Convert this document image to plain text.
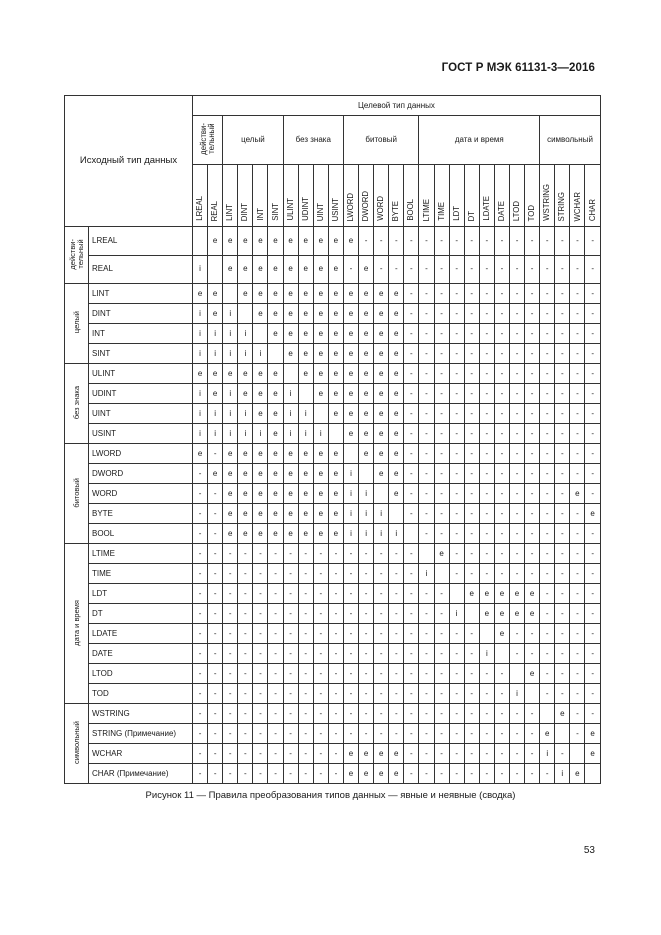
ГОСТ Р МЭК 61131-3—2016
Исходный тип данных		Целевой тип данных																										
		действи-
тельный		целый				без знака				битовый					дата и время								символьный			
		LREAL	REAL	LINT	DINT	INT	SINT	ULINT	UDINT	UINT	USINT	LWORD	DWORD	WORD	BYTE	BOOL	LTIME	TIME	LDT	DT	LDATE	DATE	LTOD	TOD	WSTRING	STRING	WCHAR	CHAR
действи-
тельный	LREAL		e	e	e	e	e	e	e	e	e	e	-	-	-	-	-	-	-	-	-	-	-	-	-	-	-	-
	REAL	i		e	e	e	e	e	e	e	e	-	e	-	-	-	-	-	-	-	-	-	-	-	-	-	-	-
целый	LINT	e	e		e	e	e	e	e	e	e	e	e	e	e	-	-	-	-	-	-	-	-	-	-	-	-	-
	DINT	i	e	i		e	e	e	e	e	e	e	e	e	e	-	-	-	-	-	-	-	-	-	-	-	-	-
	INT	i	i	i	i		e	e	e	e	e	e	e	e	e	-	-	-	-	-	-	-	-	-	-	-	-	-
	SINT	i	i	i	i	i		e	e	e	e	e	e	e	e	-	-	-	-	-	-	-	-	-	-	-	-	-
без знака	ULINT	e	e	e	e	e	e		e	e	e	e	e	e	e	-	-	-	-	-	-	-	-	-	-	-	-	-
	UDINT	i	e	i	e	e	e	i		e	e	e	e	e	e	-	-	-	-	-	-	-	-	-	-	-	-	-
	UINT	i	i	i	i	e	e	i	i		e	e	e	e	e	-	-	-	-	-	-	-	-	-	-	-	-	-
	USINT	i	i	i	i	i	e	i	i	i		e	e	e	e	-	-	-	-	-	-	-	-	-	-	-	-	-
битовый	LWORD	e	-	e	e	e	e	e	e	e	e		e	e	e	-	-	-	-	-	-	-	-	-	-	-	-	-
	DWORD	-	e	e	e	e	e	e	e	e	e	i		e	e	-	-	-	-	-	-	-	-	-	-	-	-	-
	WORD	-	-	e	e	e	e	e	e	e	e	i	i		e	-	-	-	-	-	-	-	-	-	-	-	e	-
	BYTE	-	-	e	e	e	e	e	e	e	e	i	i	i		-	-	-	-	-	-	-	-	-	-	-	-	e
	BOOL	-	-	e	e	e	e	e	e	e	e	i	i	i	i		-	-	-	-	-	-	-	-	-	-	-	-
дата и время	LTIME	-	-	-	-	-	-	-	-	-	-	-	-	-	-	-		e	-	-	-	-	-	-	-	-	-	-
	TIME	-	-	-	-	-	-	-	-	-	-	-	-	-	-	-	i		-	-	-	-	-	-	-	-	-	-
	LDT	-	-	-	-	-	-	-	-	-	-	-	-	-	-	-	-	-		e	e	e	e	e	-	-	-	-
	DT	-	-	-	-	-	-	-	-	-	-	-	-	-	-	-	-	-	i		e	e	e	e	-	-	-	-
	LDATE	-	-	-	-	-	-	-	-	-	-	-	-	-	-	-	-	-	-	-		e	-	-	-	-	-	-
	DATE	-	-	-	-	-	-	-	-	-	-	-	-	-	-	-	-	-	-	-	i		-	-	-	-	-	-
	LTOD	-	-	-	-	-	-	-	-	-	-	-	-	-	-	-	-	-	-	-	-	-		e	-	-	-	-
	TOD	-	-	-	-	-	-	-	-	-	-	-	-	-	-	-	-	-	-	-	-	-	i		-	-	-	-
символьный	WSTRING	-	-	-	-	-	-	-	-	-	-	-	-	-	-	-	-	-	-	-	-	-	-	-		e	-	-
	STRING (Примечание)	-	-	-	-	-	-	-	-	-	-	-	-	-	-	-	-	-	-	-	-	-	-	-	e		-	e
	WCHAR	-	-	-	-	-	-	-	-	-	-	e	e	e	e	-	-	-	-	-	-	-	-	-	i	-		e
	CHAR (Примечание)	-	-	-	-	-	-	-	-	-	-	e	e	e	e	-	-	-	-	-	-	-	-	-	-	i	e	
Рисунок 11 — Правила преобразования типов данных — явные и неявные (сводка)
53
